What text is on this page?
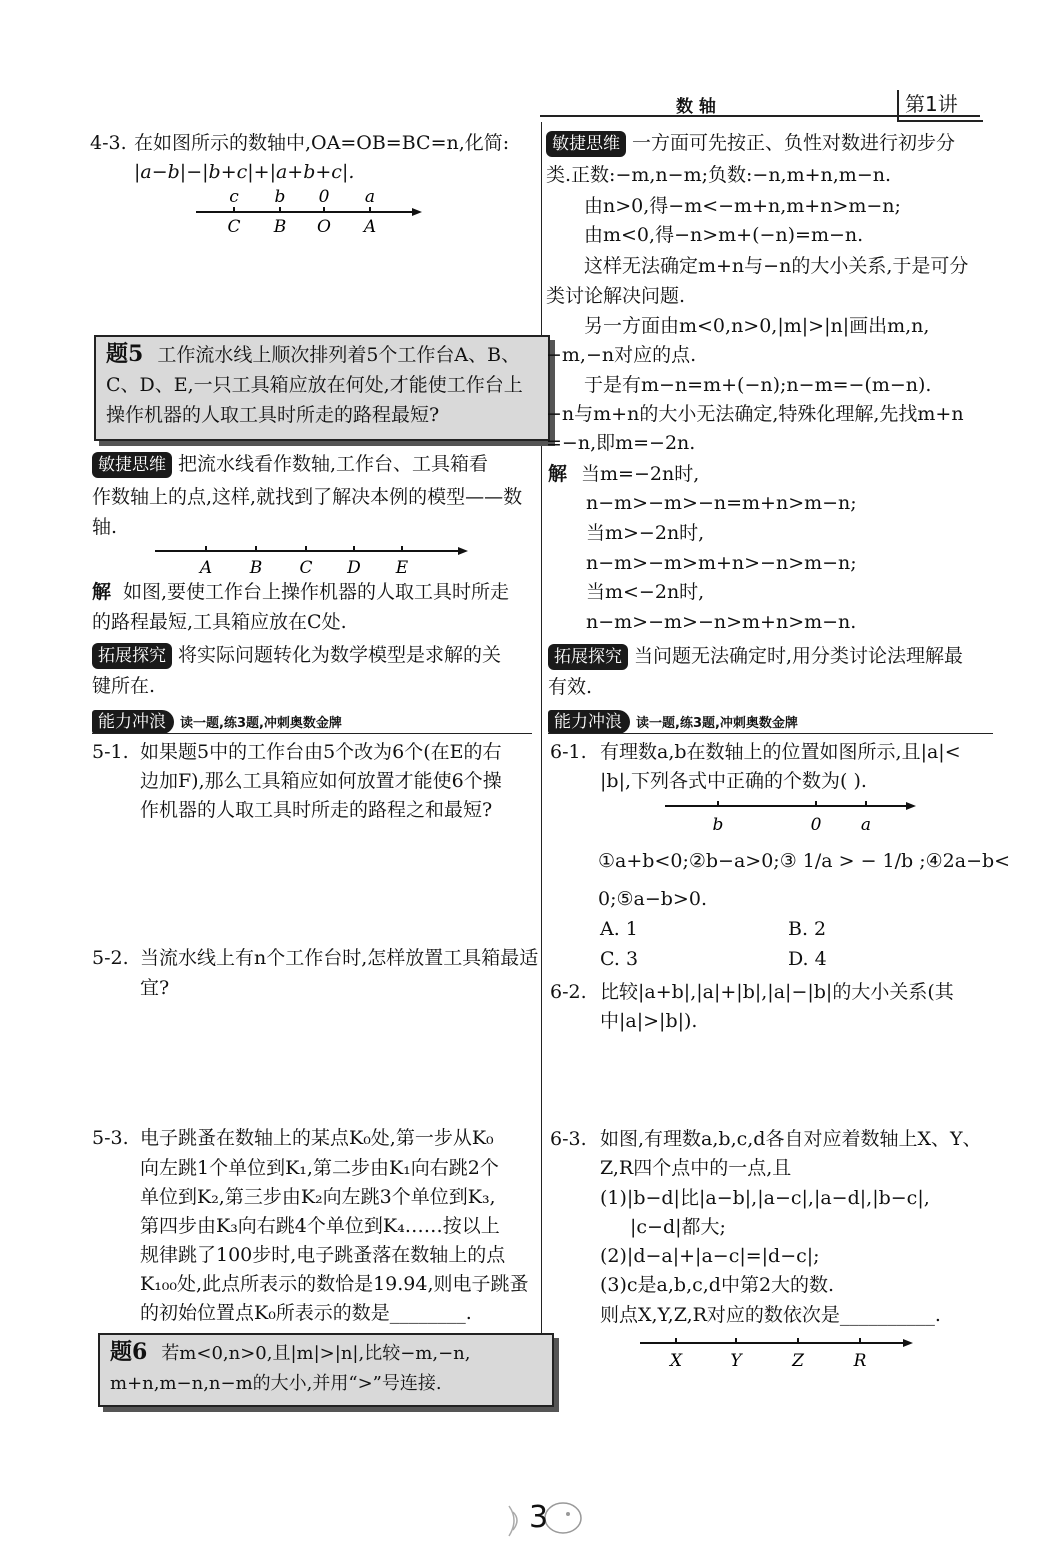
数 轴	第1讲
4-3. 在如图所示的数轴中,OA=OB=BC=n,化简:
|a−b|−|b+c|+|a+b+c|.
c
C
b
B
0
O
a
A
题5 工作流水线上顺次排列着5个工作台A、B、
C、D、E,一只工具箱应放在何处,才能使工作台上
操作机器的人取工具时所走的路程最短?
敏捷思维 把流水线看作数轴,工作台、工具箱看
作数轴上的点,这样,就找到了解决本例的模型——数
轴.
A B C D E
解 如图,要使工作台上操作机器的人取工具时所走
的路程最短,工具箱应放在C处.
拓展探究 将实际问题转化为数学模型是求解的关
键所在.
能力冲浪 读一题,练3题,冲刺奥数金牌
5-1. 如果题5中的工作台由5个改为6个(在E的右
边加F),那么工具箱应如何放置才能使6个操
作机器的人取工具时所走的路程之和最短?
5-2. 当流水线上有n个工作台时,怎样放置工具箱最适
宜?
5-3. 电子跳蚤在数轴上的某点K₀处,第一步从K₀
向左跳1个单位到K₁,第二步由K₁向右跳2个
单位到K₂,第三步由K₂向左跳3个单位到K₃,
第四步由K₃向右跳4个单位到K₄……按以上
规律跳了100步时,电子跳蚤落在数轴上的点
K₁₀₀处,此点所表示的数恰是19.94,则电子跳蚤
的初始位置点K₀所表示的数是________.
题6 若m<0,n>0,且|m|>|n|,比较−m,−n,
m+n,m−n,n−m的大小,并用“>”号连接.
敏捷思维 一方面可先按正、负性对数进行初步分
类.正数:−m,n−m;负数:−n,m+n,m−n.
由n>0,得−m<−m+n,m+n>m−n;
由m<0,得−n>m+(−n)=m−n.
这样无法确定m+n与−n的大小关系,于是可分
类讨论解决问题.
另一方面由m<0,n>0,|m|>|n|画出m,n,
−m,−n对应的点.
于是有m−n=m+(−n);n−m=−(m−n).
−n与m+n的大小无法确定,特殊化理解,先找m+n
=−n,即m=−2n.
解 当m=−2n时,
n−m>−m>−n=m+n>m−n;
当m>−2n时,
n−m>−m>m+n>−n>m−n;
当m<−2n时,
n−m>−m>−n>m+n>m−n.
拓展探究 当问题无法确定时,用分类讨论法理解最
有效.
能力冲浪 读一题,练3题,冲刺奥数金牌
6-1. 有理数a,b在数轴上的位置如图所示,且|a|<
|b|,下列各式中正确的个数为( ).
b	0 a
①a+b<0;②b−a>0;③ 1/a > − 1/b ;④2a−b<
0;⑤a−b>0.
A. 1	B. 2
C. 3	D. 4
6-2. 比较|a+b|,|a|+|b|,|a|−|b|的大小关系(其
中|a|>|b|).
6-3. 如图,有理数a,b,c,d各自对应着数轴上X、Y、
Z,R四个点中的一点,且
(1)|b−d|比|a−b|,|a−c|,|a−d|,|b−c|,
|c−d|都大;
(2)|d−a|+|a−c|=|d−c|;
(3)c是a,b,c,d中第2大的数.
则点X,Y,Z,R对应的数依次是__________.
X	Y	Z	R
3
